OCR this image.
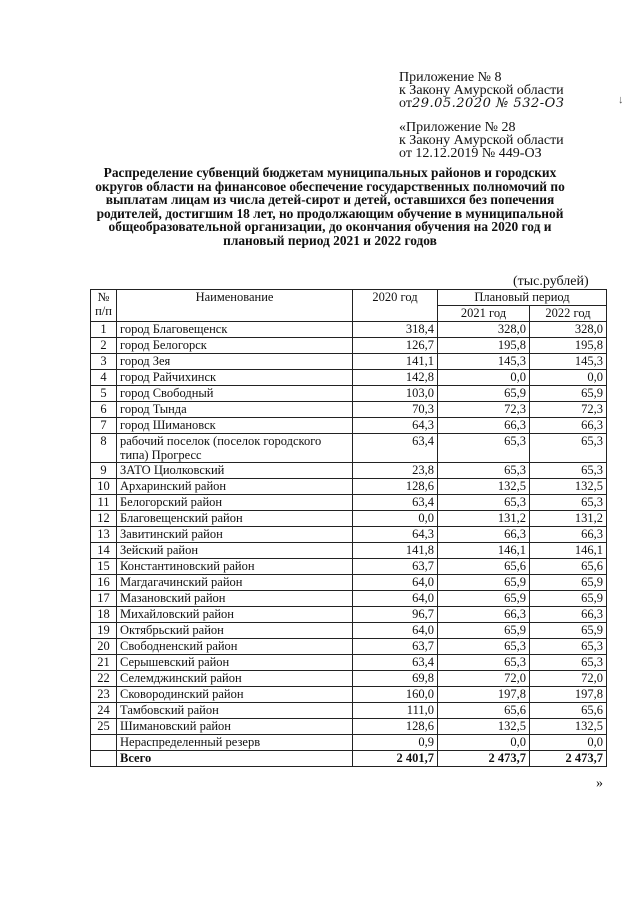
Приложение № 8
к Закону Амурской области
от29.05.2020 № 532-ОЗ
«Приложение № 28
к Закону Амурской области
от 12.12.2019 № 449-ОЗ
Распределение субвенций бюджетам муниципальных районов и городских округов области на финансовое обеспечение государственных полномочий по выплатам лицам из числа детей-сирот и детей, оставшихся без попечения родителей, достигшим 18 лет, но продолжающим обучение в муниципальной общеобразовательной организации, до окончания обучения на 2020 год и плановый период 2021 и 2022 годов
(тыс.рублей)
№
п/п	Наименование	2020 год	Плановый период	
			2021 год	2022 год
1	город Благовещенск	318,4	328,0	328,0
2	город Белогорск	126,7	195,8	195,8
3	город Зея	141,1	145,3	145,3
4	город Райчихинск	142,8	0,0	0,0
5	город Свободный	103,0	65,9	65,9
6	город Тында	70,3	72,3	72,3
7	город Шимановск	64,3	66,3	66,3
8	рабочий поселок (поселок городского типа) Прогресс	63,4	65,3	65,3
9	ЗАТО Циолковский	23,8	65,3	65,3
10	Архаринский район	128,6	132,5	132,5
11	Белогорский район	63,4	65,3	65,3
12	Благовещенский район	0,0	131,2	131,2
13	Завитинский район	64,3	66,3	66,3
14	Зейский район	141,8	146,1	146,1
15	Константиновский район	63,7	65,6	65,6
16	Магдагачинский район	64,0	65,9	65,9
17	Мазановский район	64,0	65,9	65,9
18	Михайловский район	96,7	66,3	66,3
19	Октябрьский район	64,0	65,9	65,9
20	Свободненский район	63,7	65,3	65,3
21	Серышевский район	63,4	65,3	65,3
22	Селемджинский район	69,8	72,0	72,0
23	Сковородинский район	160,0	197,8	197,8
24	Тамбовский район	111,0	65,6	65,6
25	Шимановский район	128,6	132,5	132,5
	Нераспределенный резерв	0,9	0,0	0,0
	Всего	2 401,7	2 473,7	2 473,7
»
↓
